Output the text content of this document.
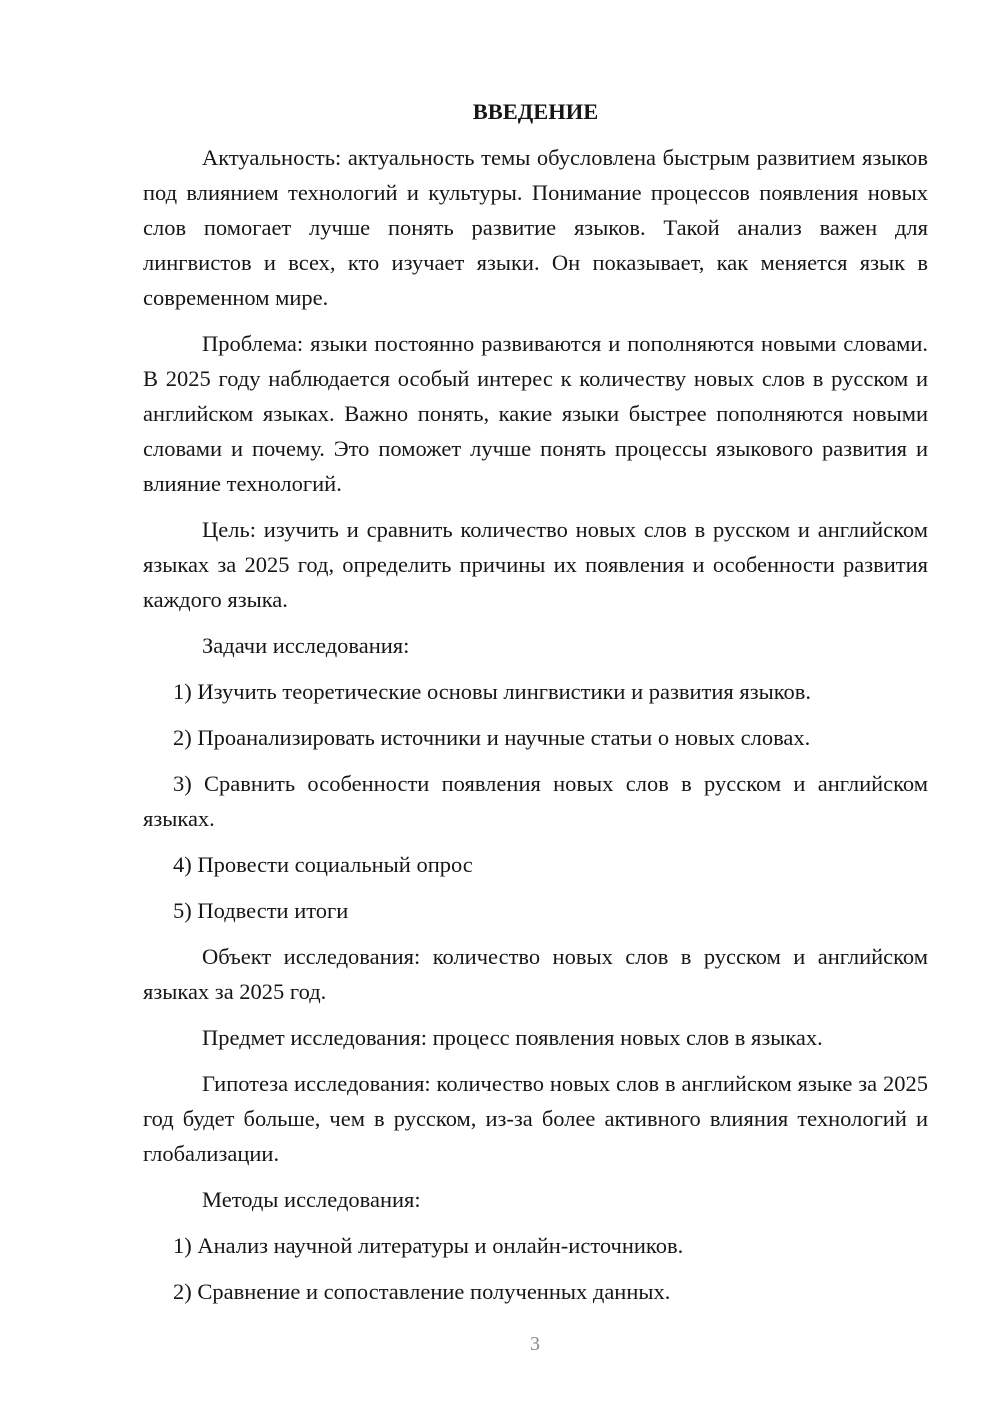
ВВЕДЕНИЕ

Актуальность: актуальность темы обусловлена быстрым развитием языков под влиянием технологий и культуры. Понимание процессов появления новых слов помогает лучше понять развитие языков. Такой анализ важен для лингвистов и всех, кто изучает языки. Он показывает, как меняется язык в современном мире.

Проблема: языки постоянно развиваются и пополняются новыми словами. В 2025 году наблюдается особый интерес к количеству новых слов в русском и английском языках. Важно понять, какие языки быстрее пополняются новыми словами и почему. Это поможет лучше понять процессы языкового развития и влияние технологий.

Цель: изучить и сравнить количество новых слов в русском и английском языках за 2025 год, определить причины их появления и особенности развития каждого языка.

Задачи исследования:

1) Изучить теоретические основы лингвистики и развития языков.

2) Проанализировать источники и научные статьи о новых словах.

3) Сравнить особенности появления новых слов в русском и английском языках.

4) Провести социальный опрос

5) Подвести итоги

Объект исследования: количество новых слов в русском и английском языках за 2025 год.

Предмет исследования: процесс появления новых слов в языках.

Гипотеза исследования: количество новых слов в английском языке за 2025 год будет больше, чем в русском, из-за более активного влияния технологий и глобализации.

Методы исследования:

1) Анализ научной литературы и онлайн-источников.

2) Сравнение и сопоставление полученных данных.

3
